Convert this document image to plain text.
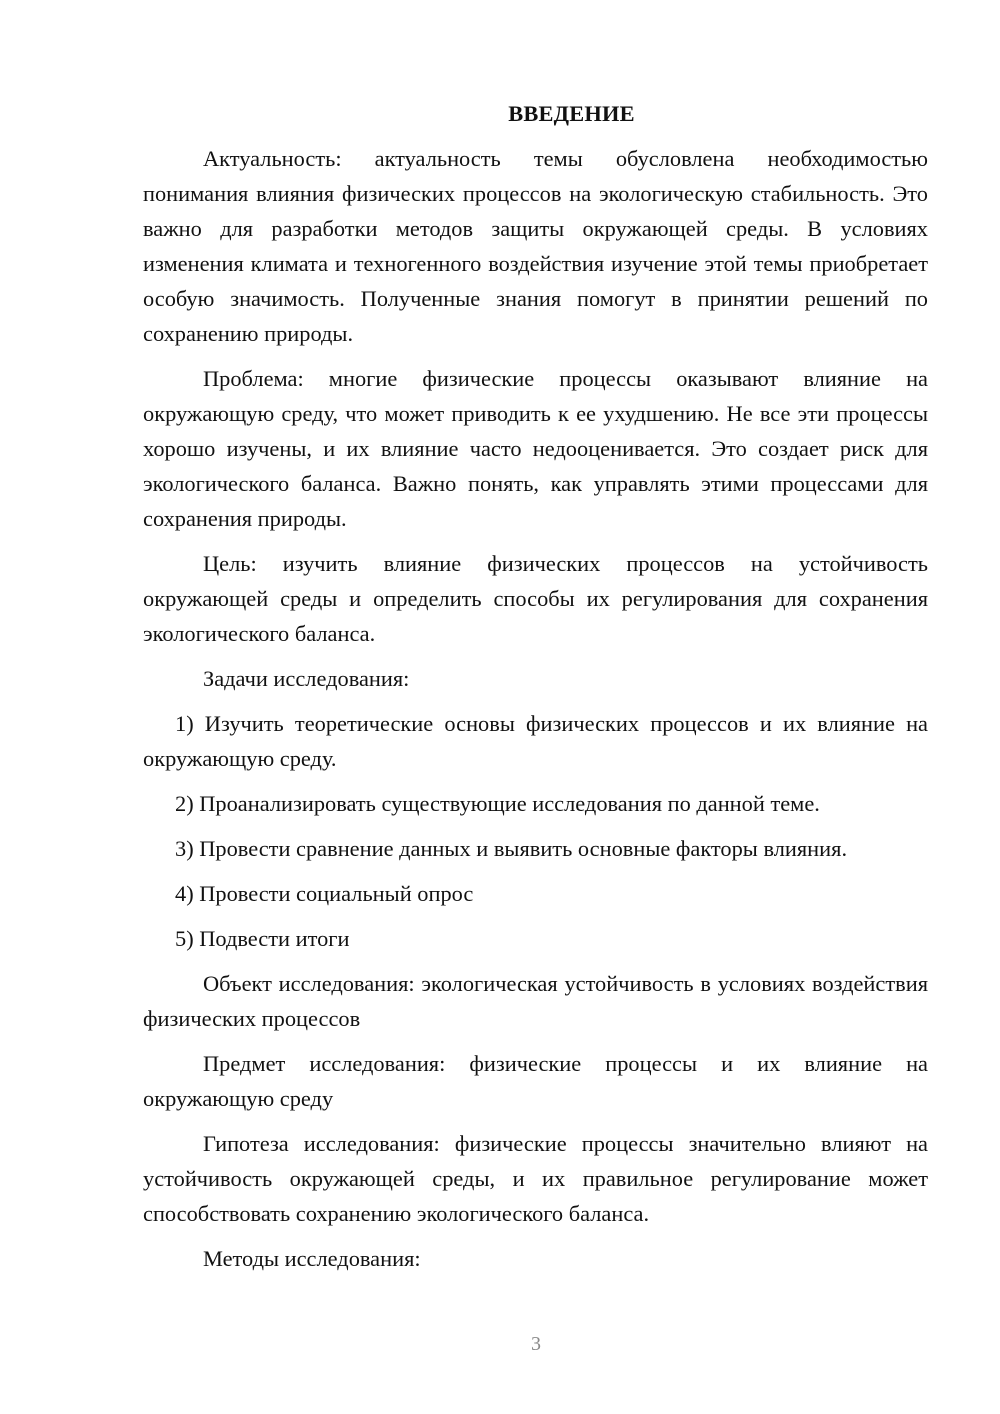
ВВЕДЕНИЕ

Актуальность: актуальность темы обусловлена необходимостью понимания влияния физических процессов на экологическую стабильность. Это важно для разработки методов защиты окружающей среды. В условиях изменения климата и техногенного воздействия изучение этой темы приобретает особую значимость. Полученные знания помогут в принятии решений по сохранению природы.

Проблема: многие физические процессы оказывают влияние на окружающую среду, что может приводить к ее ухудшению. Не все эти процессы хорошо изучены, и их влияние часто недооценивается. Это создает риск для экологического баланса. Важно понять, как управлять этими процессами для сохранения природы.

Цель: изучить влияние физических процессов на устойчивость окружающей среды и определить способы их регулирования для сохранения экологического баланса.

Задачи исследования:

1) Изучить теоретические основы физических процессов и их влияние на окружающую среду.

2) Проанализировать существующие исследования по данной теме.

3) Провести сравнение данных и выявить основные факторы влияния.

4) Провести социальный опрос

5) Подвести итоги

Объект исследования: экологическая устойчивость в условиях воздействия физических процессов

Предмет исследования: физические процессы и их влияние на окружающую среду

Гипотеза исследования: физические процессы значительно влияют на устойчивость окружающей среды, и их правильное регулирование может способствовать сохранению экологического баланса.

Методы исследования:

3
